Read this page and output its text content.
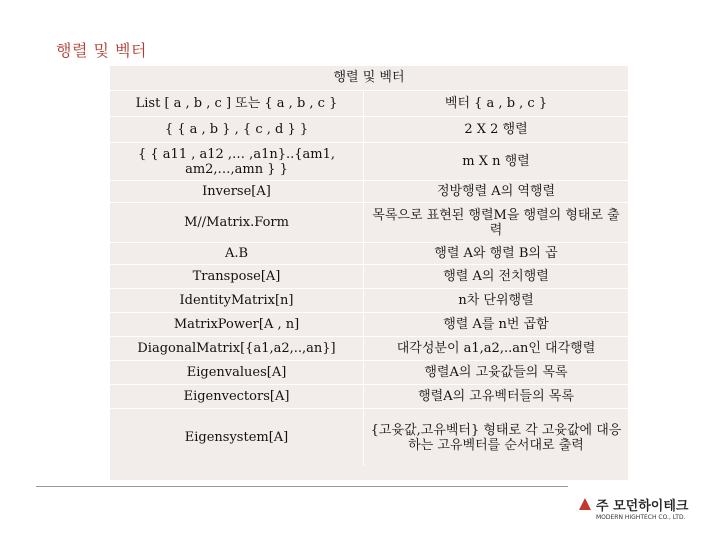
행렬 및 벡터
행렬 및 벡터
List [ a , b , c ] 또는 { a , b , c }	벡터 { a , b , c }
{ { a , b } , { c , d } }	2 X 2 행렬
{ { a11 , a12 ,… ,a1n}..{am1, am2,…,amn } }	m X n 행렬
Inverse[A]	정방행렬 A의 역행렬
M//Matrix.Form	목록으로 표현된 행렬M을 행렬의 형태로 출력
A.B	행렬 A와 행렬 B의 곱
Transpose[A]	행렬 A의 전치행렬
IdentityMatrix[n]	n차 단위행렬
MatrixPower[A , n]	행렬 A를 n번 곱함
DiagonalMatrix[{a1,a2,..,an}]	대각성분이 a1,a2,..an인 대각행렬
Eigenvalues[A]	행렬A의 고윳값들의 목록
Eigenvectors[A]	행렬A의 고유벡터들의 목록
Eigensystem[A]	{고윳값,고유벡터} 형태로 각 고윳값에 대응하는 고유벡터를 순서대로 출력
주 모던하이테크
MODERN HIGHTECH CO., LTD.
